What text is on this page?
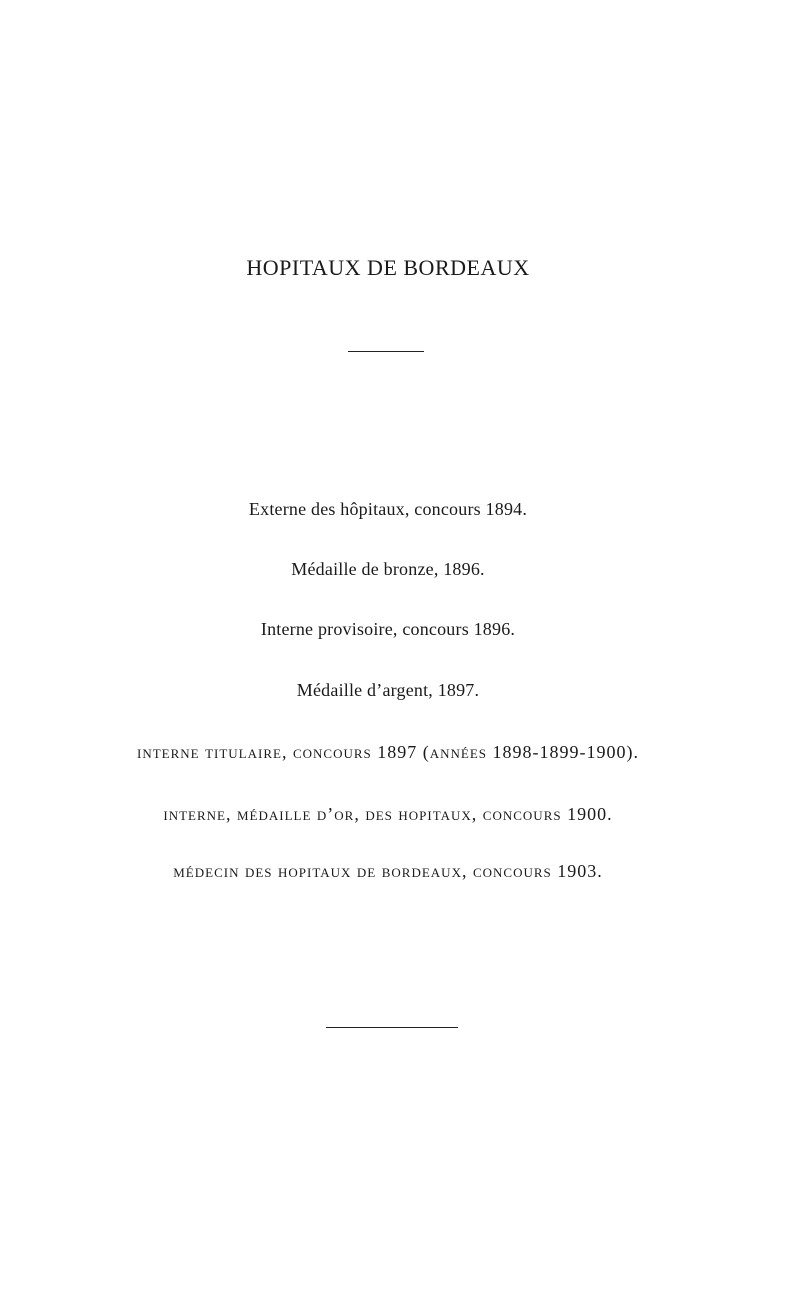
HOPITAUX DE BORDEAUX
Externe des hôpitaux, concours 1894.
Médaille de bronze, 1896.
Interne provisoire, concours 1896.
Médaille d’argent, 1897.
interne titulaire, concours 1897 (années 1898-1899-1900).
interne, médaille d’or, des hopitaux, concours 1900.
médecin des hopitaux de bordeaux, concours 1903.
